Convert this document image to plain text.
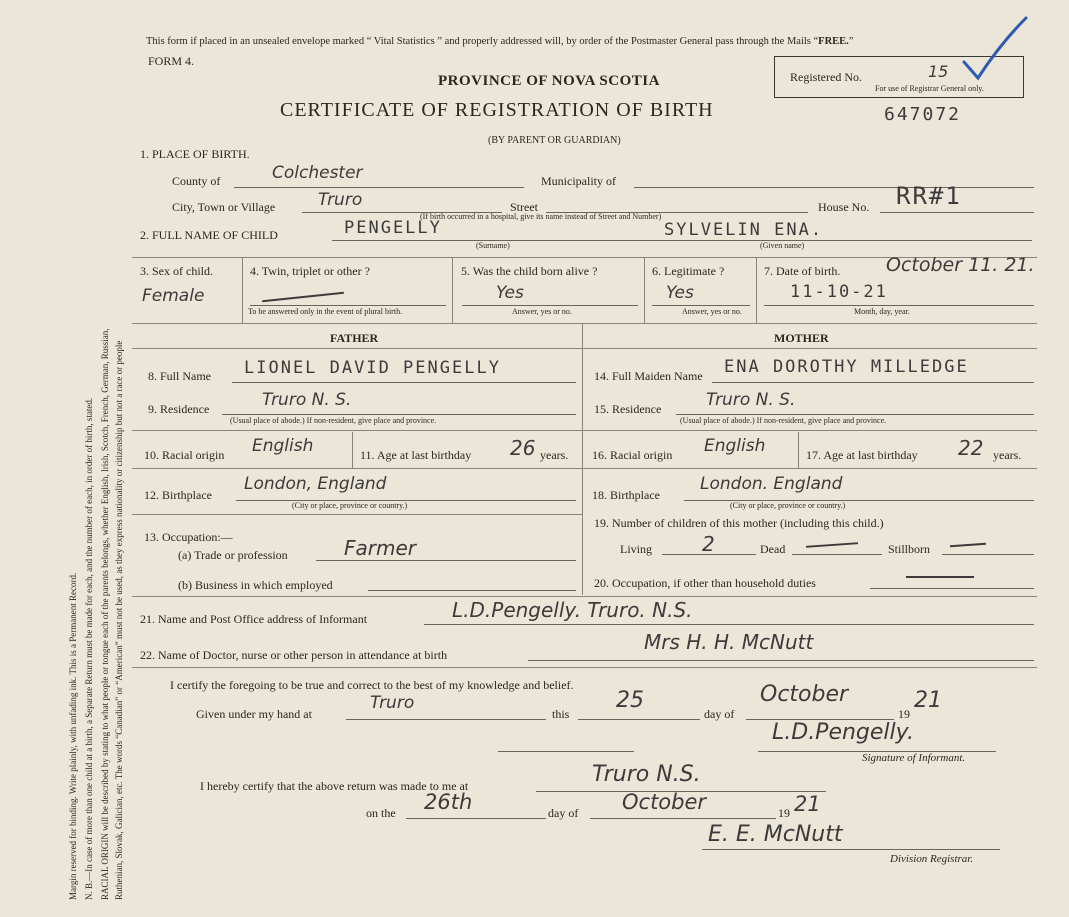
Margin reserved for binding. Write plainly, with unfading ink. This is a Permanent Record. N. B.—In case of more than one child at a birth, a Separate Return must be made for each, and the number of each, in order of birth, stated. RACIAL ORIGIN will be described by stating to what people or tongue each of the parents belongs, whether English, Irish, Scotch, French, German, Russian, Ruthenian, Slovak, Galician, etc. The words “Canadian” or “American” must not be used, as they express nationality or citizenship but not a race or people
This form if placed in an unsealed envelope marked “ Vital Statistics ” and properly addressed will, by order of the Postmaster General pass through the Mails “FREE.”
FORM 4.
PROVINCE OF NOVA SCOTIA
CERTIFICATE OF REGISTRATION OF BIRTH	647072
(BY PARENT OR GUARDIAN)
Registered No.	15
For use of Registrar General only.
1. PLACE OF BIRTH.
County of	Colchester	Municipality of
City, Town or Village	Truro	Street	House No. RR#1
(If birth occurred in a hospital, give its name instead of Street and Number)
2. FULL NAME OF CHILD	PENGELLY	SYLVELIN ENA.
(Surname)	(Given name)
3. Sex of child.
Female
4. Twin, triplet or other ?
To be answered only in the event of plural birth.
5. Was the child born alive ?
Yes
Answer, yes or no.
6. Legitimate ?
Yes
Answer, yes or no.
7. Date of birth. October 11. 21.
11-10-21
Month, day, year.
FATHER	MOTHER
8. Full Name LIONEL DAVID PENGELLY
9. Residence	Truro N. S.
(Usual place of abode.) If non-resident, give place and province.
10. Racial origin English	11. Age at last birthday 26 years.
12. Birthplace
London, England
(City or place, province or country.)
13. Occupation:—
(a) Trade or profession	Farmer
(b) Business in which employed
14. Full Maiden Name ENA DOROTHY MILLEDGE
15. Residence	Truro N. S.
(Usual place of abode.) If non-resident, give place and province.
16. Racial origin English	17. Age at last birthday 22 years.
18. Birthplace
London. England
(City or place, province or country.)
19. Number of children of this mother (including this child.)
Living	2	Dead	Stillborn
20. Occupation, if other than household duties
21. Name and Post Office address of Informant	L.D.Pengelly. Truro. N.S.
22. Name of Doctor, nurse or other person in attendance at birth
Mrs H. H. McNutt
I certify the foregoing to be true and correct to the best of my knowledge and belief.
Given under my hand at
Truro
this
25
day of
October
19
21
L.D.Pengelly.
Signature of Informant.
I hereby certify that the above return was made to me at	Truro N.S.
on the 26th	day of October	19 21
E. E. McNutt
Division Registrar.
